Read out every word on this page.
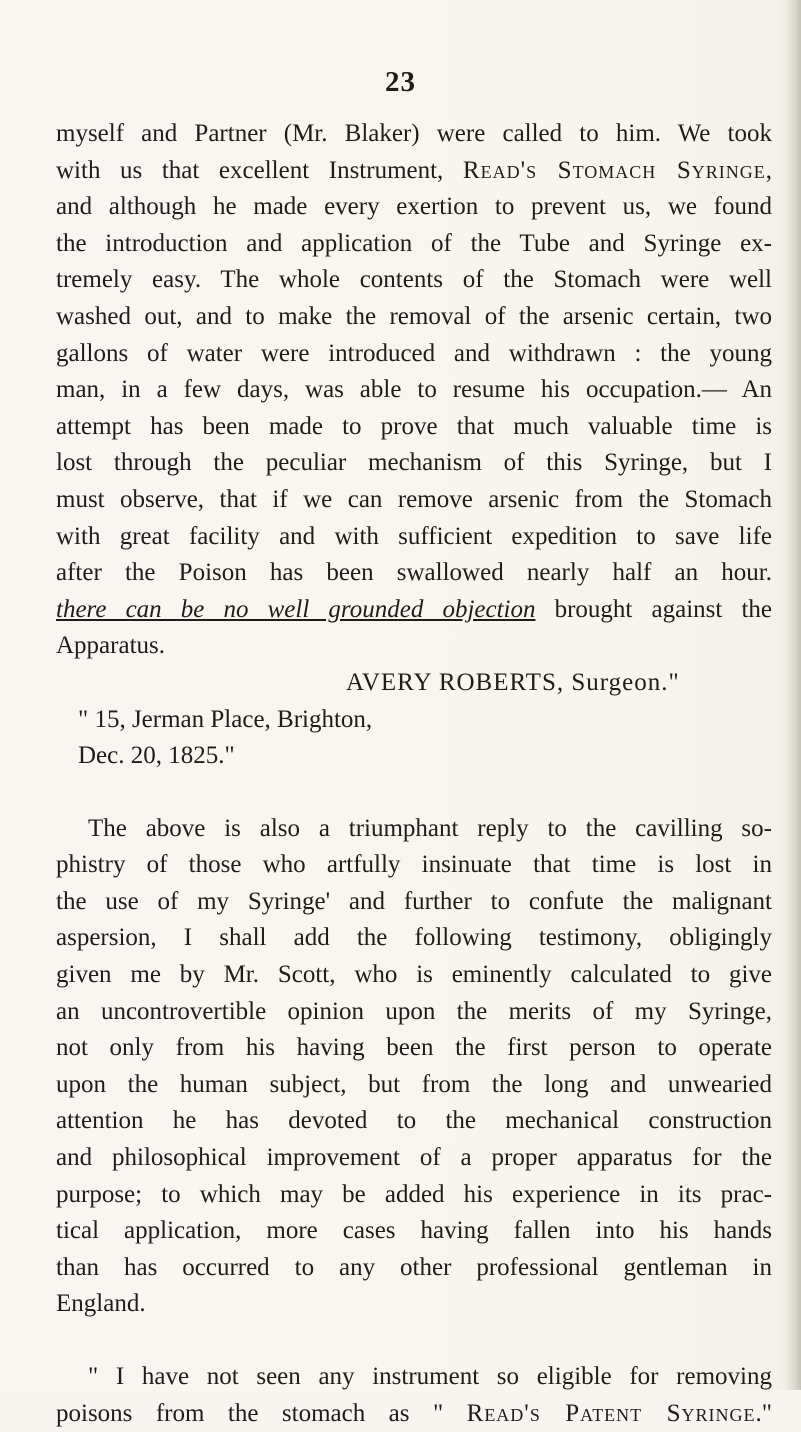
23
myself and Partner (Mr. Blaker) were called to him. We took
with us that excellent Instrument, Read's Stomach Syringe,
and although he made every exertion to prevent us, we found
the introduction and application of the Tube and Syringe ex-
tremely easy. The whole contents of the Stomach were well
washed out, and to make the removal of the arsenic certain, two
gallons of water were introduced and withdrawn : the young
man, in a few days, was able to resume his occupation.— An
attempt has been made to prove that much valuable time is
lost through the peculiar mechanism of this Syringe, but I
must observe, that if we can remove arsenic from the Stomach
with great facility and with sufficient expedition to save life
after the Poison has been swallowed nearly half an hour.
there can be no well grounded objection brought against the
Apparatus.
AVERY ROBERTS, Surgeon."
" 15, Jerman Place, Brighton,
Dec. 20, 1825."
The above is also a triumphant reply to the cavilling so-
phistry of those who artfully insinuate that time is lost in
the use of my Syringe' and further to confute the malignant
aspersion, I shall add the following testimony, obligingly
given me by Mr. Scott, who is eminently calculated to give
an uncontrovertible opinion upon the merits of my Syringe,
not only from his having been the first person to operate
upon the human subject, but from the long and unwearied
attention he has devoted to the mechanical construction
and philosophical improvement of a proper apparatus for the
purpose; to which may be added his experience in its prac-
tical application, more cases having fallen into his hands
than has occurred to any other professional gentleman in
England.
" I have not seen any instrument so eligible for removing
poisons from the stomach as " Read's Patent Syringe."
